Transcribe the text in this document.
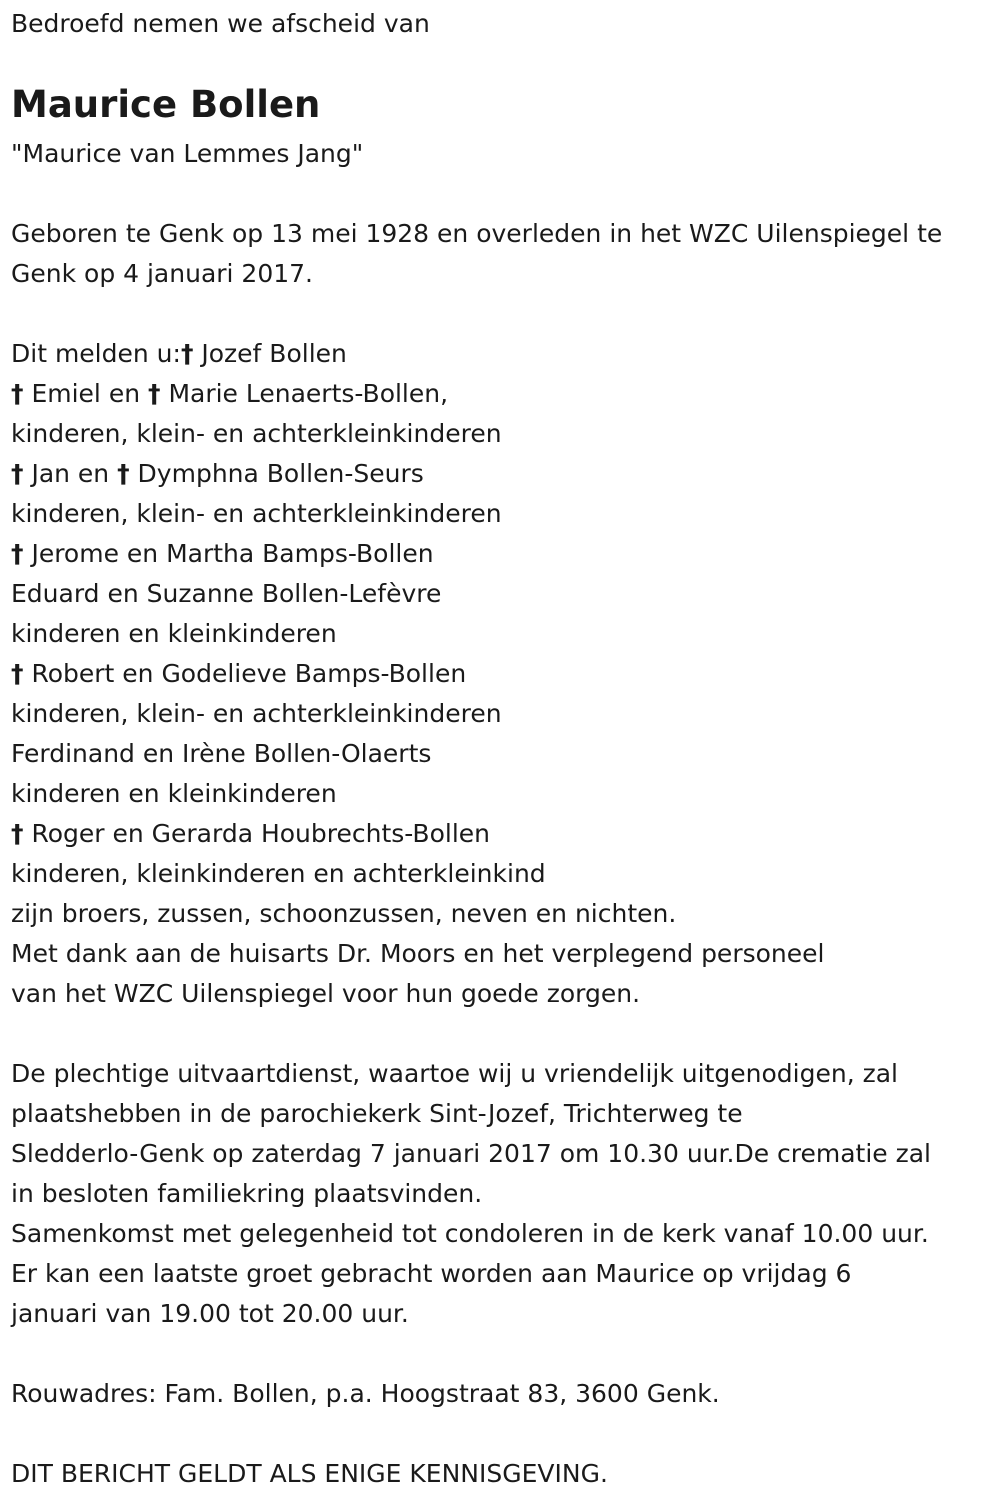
Bedroefd nemen we afscheid van
Maurice Bollen
"Maurice van Lemmes Jang"
Geboren te Genk op 13 mei 1928 en overleden in het WZC Uilenspiegel te
Genk op 4 januari 2017.
Dit melden u:† Jozef Bollen
† Emiel en † Marie Lenaerts-Bollen,
kinderen, klein- en achterkleinkinderen
† Jan en † Dymphna Bollen-Seurs
kinderen, klein- en achterkleinkinderen
† Jerome en Martha Bamps-Bollen
Eduard en Suzanne Bollen-Lefèvre
kinderen en kleinkinderen
† Robert en Godelieve Bamps-Bollen
kinderen, klein- en achterkleinkinderen
Ferdinand en Irène Bollen-Olaerts
kinderen en kleinkinderen
† Roger en Gerarda Houbrechts-Bollen
kinderen, kleinkinderen en achterkleinkind
zijn broers, zussen, schoonzussen, neven en nichten.
Met dank aan de huisarts Dr. Moors en het verplegend personeel
van het WZC Uilenspiegel voor hun goede zorgen.
De plechtige uitvaartdienst, waartoe wij u vriendelijk uitgenodigen, zal
plaatshebben in de parochiekerk Sint-Jozef, Trichterweg te
Sledderlo-Genk op zaterdag 7 januari 2017 om 10.30 uur.De crematie zal
in besloten familiekring plaatsvinden.
Samenkomst met gelegenheid tot condoleren in de kerk vanaf 10.00 uur.
Er kan een laatste groet gebracht worden aan Maurice op vrijdag 6
januari van 19.00 tot 20.00 uur.
Rouwadres: Fam. Bollen, p.a. Hoogstraat 83, 3600 Genk.
DIT BERICHT GELDT ALS ENIGE KENNISGEVING.
